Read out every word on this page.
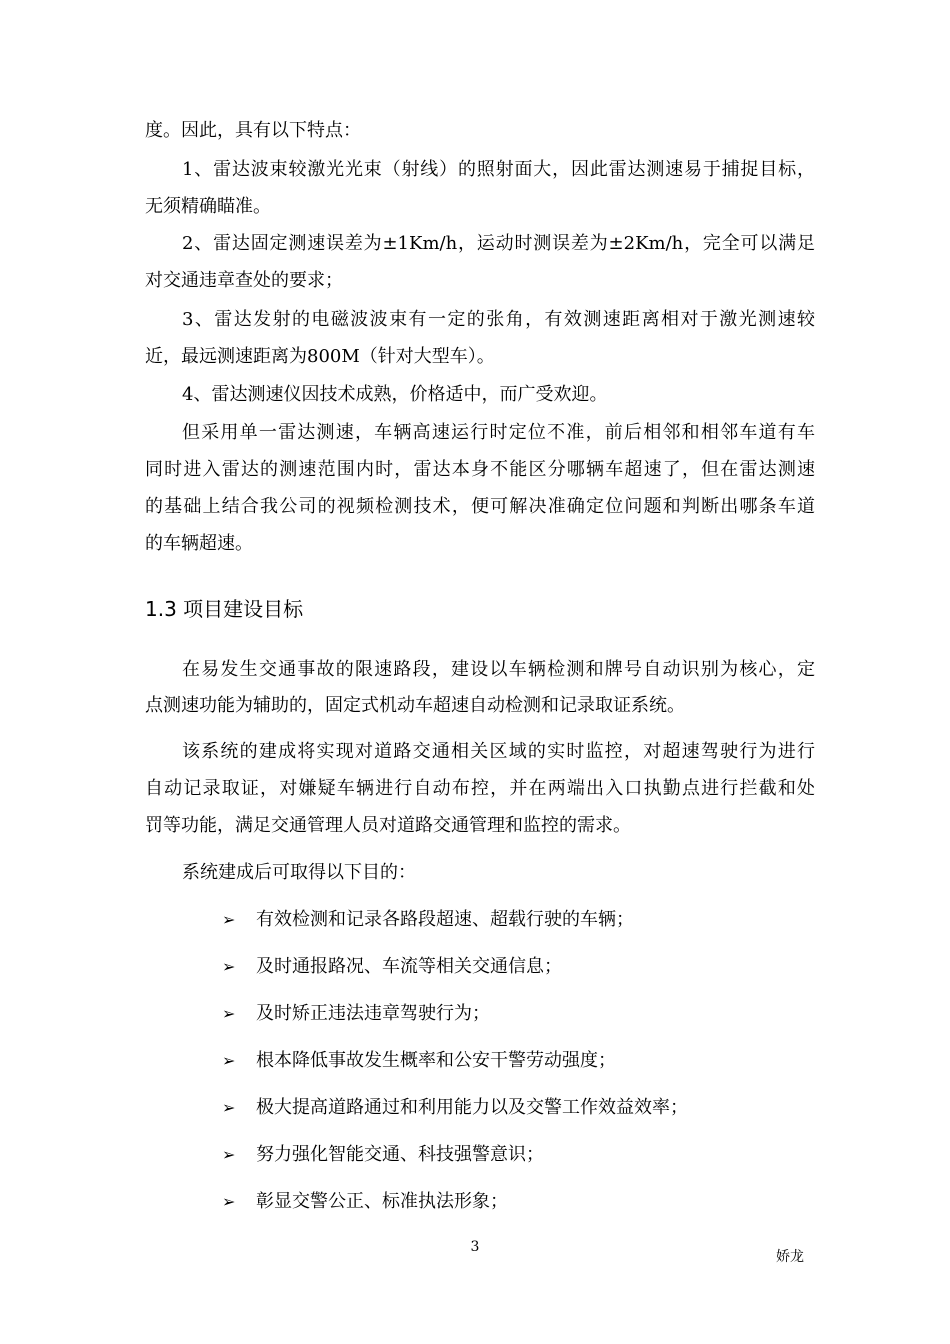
度。因此，具有以下特点：
1、雷达波束较激光光束（射线）的照射面大，因此雷达测速易于捕捉目标，
无须精确瞄准。
2、雷达固定测速误差为±1Km/h，运动时测误差为±2Km/h，完全可以满足
对交通违章查处的要求；
3、雷达发射的电磁波波束有一定的张角，有效测速距离相对于激光测速较
近，最远测速距离为800M（针对大型车）。
4、雷达测速仪因技术成熟，价格适中，而广受欢迎。
但采用单一雷达测速，车辆高速运行时定位不准，前后相邻和相邻车道有车
同时进入雷达的测速范围内时，雷达本身不能区分哪辆车超速了，但在雷达测速
的基础上结合我公司的视频检测技术，便可解决准确定位问题和判断出哪条车道
的车辆超速。
1.3 项目建设目标
在易发生交通事故的限速路段，建设以车辆检测和牌号自动识别为核心，定
点测速功能为辅助的，固定式机动车超速自动检测和记录取证系统。
该系统的建成将实现对道路交通相关区域的实时监控，对超速驾驶行为进行
自动记录取证，对嫌疑车辆进行自动布控，并在两端出入口执勤点进行拦截和处
罚等功能，满足交通管理人员对道路交通管理和监控的需求。
系统建成后可取得以下目的：
➢ 有效检测和记录各路段超速、超载行驶的车辆；
➢ 及时通报路况、车流等相关交通信息；
➢ 及时矫正违法违章驾驶行为；
➢ 根本降低事故发生概率和公安干警劳动强度；
➢ 极大提高道路通过和利用能力以及交警工作效益效率；
➢ 努力强化智能交通、科技强警意识；
➢ 彰显交警公正、标准执法形象；
3
娇龙
